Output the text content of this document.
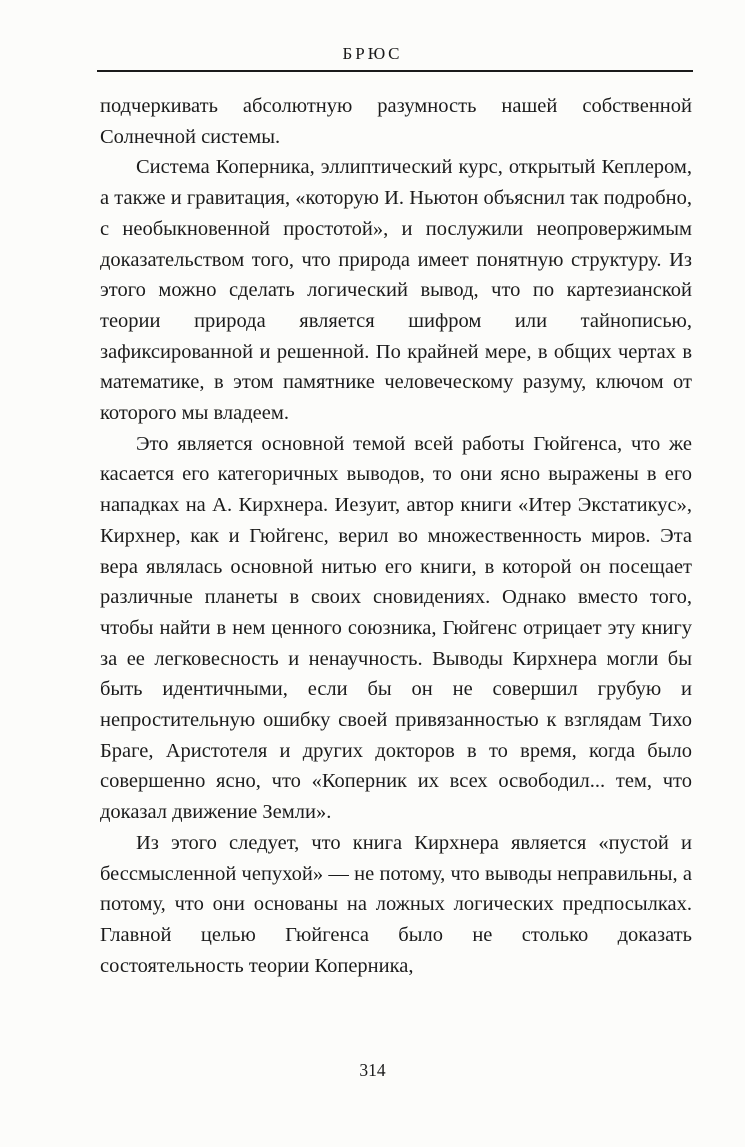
БРЮС

подчеркивать абсолютную разумность нашей собственной Солнечной системы.

Система Коперника, эллиптический курс, открытый Кеплером, а также и гравитация, «которую И. Ньютон объяснил так подробно, с необыкновенной простотой», и послужили неопровержимым доказательством того, что природа имеет понятную структуру. Из этого можно сделать логический вывод, что по картезианской теории природа является шифром или тайнописью, зафиксированной и решенной. По крайней мере, в общих чертах в математике, в этом памятнике человеческому разуму, ключом от которого мы владеем.

Это является основной темой всей работы Гюйгенса, что же касается его категоричных выводов, то они ясно выражены в его нападках на А. Кирхнера. Иезуит, автор книги «Итер Экстатикус», Кирхнер, как и Гюйгенс, верил во множественность миров. Эта вера являлась основной нитью его книги, в которой он посещает различные планеты в своих сновидениях. Однако вместо того, чтобы найти в нем ценного союзника, Гюйгенс отрицает эту книгу за ее легковесность и ненаучность. Выводы Кирхнера могли бы быть идентичными, если бы он не совершил грубую и непростительную ошибку своей привязанностью к взглядам Тихо Браге, Аристотеля и других докторов в то время, когда было совершенно ясно, что «Коперник их всех освободил... тем, что доказал движение Земли».

Из этого следует, что книга Кирхнера является «пустой и бессмысленной чепухой» — не потому, что выводы неправильны, а потому, что они основаны на ложных логических предпосылках. Главной целью Гюйгенса было не столько доказать состоятельность теории Коперника,

314
